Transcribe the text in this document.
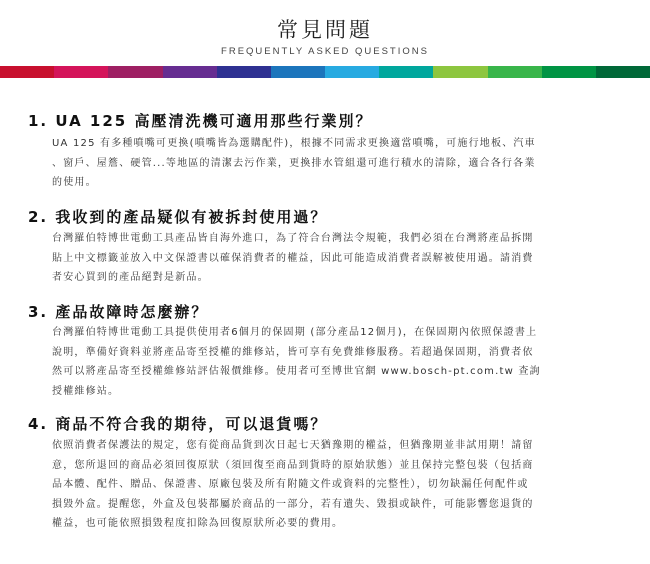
常見問題
FREQUENTLY ASKED QUESTIONS
1. UA 125 高壓清洗機可適用那些行業別？
UA 125 有多種噴嘴可更換(噴嘴皆為選購配件)，根據不同需求更換適當噴嘴，可施行地板、汽車
、窗戶、屋簷、硬管...等地區的清潔去污作業，更換排水管組還可進行積水的清除，適合各行各業
的使用。
2. 我收到的產品疑似有被拆封使用過？
台灣羅伯特博世電動工具產品皆自海外進口，為了符合台灣法令規範，我們必須在台灣將產品拆開
貼上中文標籤並放入中文保證書以確保消費者的權益，因此可能造成消費者誤解被使用過。請消費
者安心買到的產品絕對是新品。
3. 產品故障時怎麼辦？
台灣羅伯特博世電動工具提供使用者6個月的保固期 (部分產品12個月)，在保固期內依照保證書上
說明，準備好資料並將產品寄至授權的維修站，皆可享有免費維修服務。若超過保固期，消費者依
然可以將產品寄至授權維修站評估報價維修。使用者可至博世官網 www.bosch-pt.com.tw 查詢
授權維修站。
4. 商品不符合我的期待，可以退貨嗎？
依照消費者保護法的規定，您有從商品貨到次日起七天猶豫期的權益，但猶豫期並非試用期！請留
意，您所退回的商品必須回復原狀（須回復至商品到貨時的原始狀態）並且保持完整包裝（包括商
品本體、配件、贈品、保證書、原廠包裝及所有附隨文件或資料的完整性），切勿缺漏任何配件或
損毀外盒。提醒您，外盒及包裝都屬於商品的一部分，若有遺失、毀損或缺件，可能影響您退貨的
權益，也可能依照損毀程度扣除為回復原狀所必要的費用。
